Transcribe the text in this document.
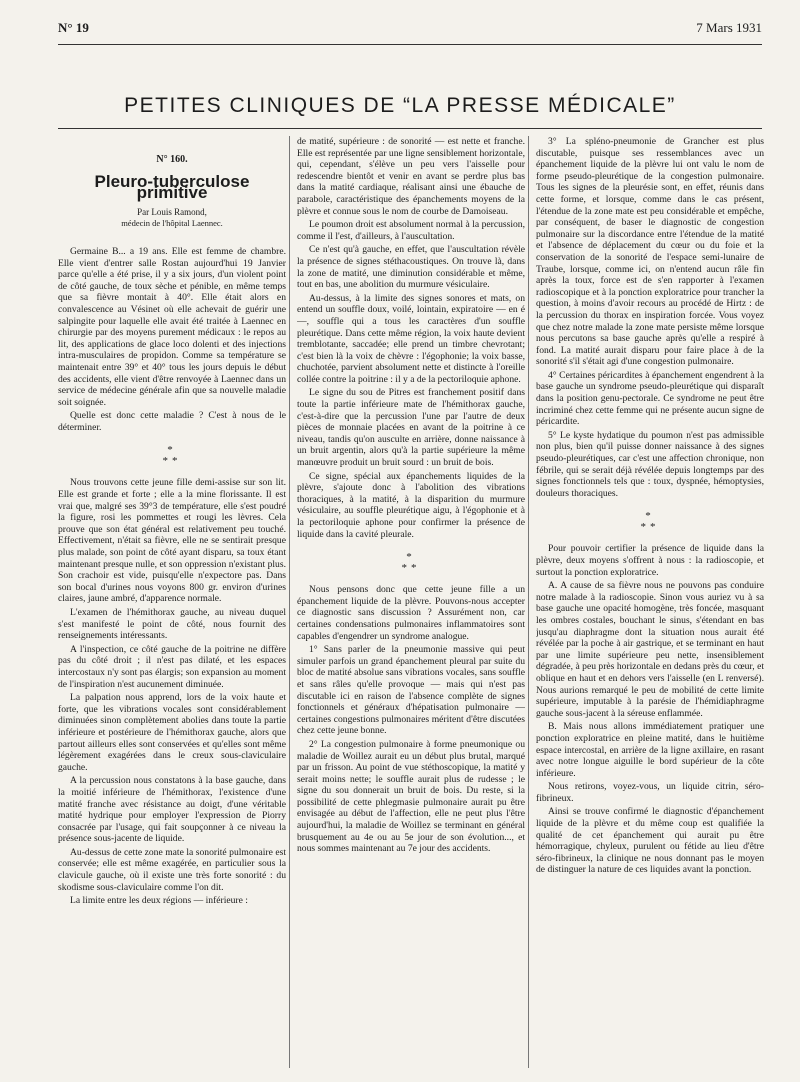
N° 19	7 Mars 1931
PETITES CLINIQUES DE “LA PRESSE MÉDICALE”

N° 160.

Pleuro-tuberculose primitive

Par Louis Ramond,

médecin de l'hôpital Laennec.

Germaine B... a 19 ans. Elle est femme de chambre. Elle vient d'entrer salle Rostan aujourd'hui 19 Janvier parce qu'elle a été prise, il y a six jours, d'un violent point de côté gauche, de toux sèche et pénible, en même temps que sa fièvre montait à 40°. Elle était alors en convalescence au Vésinet où elle achevait de guérir une salpingite pour laquelle elle avait été traitée à Laennec en chirurgie par des moyens purement médicaux : le repos au lit, des applications de glace loco dolenti et des injections intra-musculaires de propidon. Comme sa température se maintenait entre 39° et 40° tous les jours depuis le début des accidents, elle vient d'être renvoyée à Laennec dans un service de médecine générale afin que sa nouvelle maladie soit soignée.

Quelle est donc cette maladie ? C'est à nous de le déterminer.

*
**

Nous trouvons cette jeune fille demi-assise sur son lit. Elle est grande et forte ; elle a la mine florissante. Il est vrai que, malgré ses 39°3 de température, elle s'est poudré la figure, rosi les pommettes et rougi les lèvres. Cela prouve que son état général est relativement peu touché. Effectivement, n'était sa fièvre, elle ne se sentirait presque plus malade, son point de côté ayant disparu, sa toux étant maintenant presque nulle, et son oppression n'existant plus. Son crachoir est vide, puisqu'elle n'expectore pas. Dans son bocal d'urines nous voyons 800 gr. environ d'urines claires, jaune ambré, d'apparence normale.

L'examen de l'hémithorax gauche, au niveau duquel s'est manifesté le point de côté, nous fournit des renseignements intéressants.

A l'inspection, ce côté gauche de la poitrine ne diffère pas du côté droit ; il n'est pas dilaté, et les espaces intercostaux n'y sont pas élargis; son expansion au moment de l'inspiration n'est aucunement diminuée.

La palpation nous apprend, lors de la voix haute et forte, que les vibrations vocales sont considérablement diminuées sinon complètement abolies dans toute la partie inférieure et postérieure de l'hémithorax gauche, alors que partout ailleurs elles sont conservées et qu'elles sont même légèrement exagérées dans le creux sous-claviculaire gauche.

A la percussion nous constatons à la base gauche, dans la moitié inférieure de l'hémithorax, l'existence d'une matité franche avec résistance au doigt, d'une véritable matité hydrique pour employer l'expression de Piorry consacrée par l'usage, qui fait soupçonner à ce niveau la présence sous-jacente de liquide.

Au-dessus de cette zone mate la sonorité pulmonaire est conservée; elle est même exagérée, en particulier sous la clavicule gauche, où il existe une très forte sonorité : du skodisme sous-claviculaire comme l'on dit.

La limite entre les deux régions — inférieure :

de matité, supérieure : de sonorité — est nette et franche. Elle est représentée par une ligne sensiblement horizontale, qui, cependant, s'élève un peu vers l'aisselle pour redescendre bientôt et venir en avant se perdre plus bas dans la matité cardiaque, réalisant ainsi une ébauche de parabole, caractéristique des épanchements moyens de la plèvre et connue sous le nom de courbe de Damoiseau.

Le poumon droit est absolument normal à la percussion, comme il l'est, d'ailleurs, à l'auscultation.

Ce n'est qu'à gauche, en effet, que l'auscultation révèle la présence de signes stéthacoustiques. On trouve là, dans la zone de matité, une diminution considérable et même, tout en bas, une abolition du murmure vésiculaire.

Au-dessus, à la limite des signes sonores et mats, on entend un souffle doux, voilé, lointain, expiratoire — en é —, souffle qui a tous les caractères d'un souffle pleurétique. Dans cette même région, la voix haute devient tremblotante, saccadée; elle prend un timbre chevrotant; c'est bien là la voix de chèvre : l'égophonie; la voix basse, chuchotée, parvient absolument nette et distincte à l'oreille collée contre la poitrine : il y a de la pectoriloquie aphone.

Le signe du sou de Pitres est franchement positif dans toute la partie inférieure mate de l'hémithorax gauche, c'est-à-dire que la percussion l'une par l'autre de deux pièces de monnaie placées en avant de la poitrine à ce niveau, tandis qu'on ausculte en arrière, donne naissance à un bruit argentin, alors qu'à la partie supérieure la même manœuvre produit un bruit sourd : un bruit de bois.

Ce signe, spécial aux épanchements liquides de la plèvre, s'ajoute donc à l'abolition des vibrations thoraciques, à la matité, à la disparition du murmure vésiculaire, au souffle pleurétique aigu, à l'égophonie et à la pectoriloquie aphone pour confirmer la présence de liquide dans la cavité pleurale.

*
**

Nous pensons donc que cette jeune fille a un épanchement liquide de la plèvre. Pouvons-nous accepter ce diagnostic sans discussion ? Assurément non, car certaines condensations pulmonaires inflammatoires sont capables d'engendrer un syndrome analogue.

1° Sans parler de la pneumonie massive qui peut simuler parfois un grand épanchement pleural par suite du bloc de matité absolue sans vibrations vocales, sans souffle et sans râles qu'elle provoque — mais qui n'est pas discutable ici en raison de l'absence complète de signes fonctionnels et généraux d'hépatisation pulmonaire — certaines congestions pulmonaires méritent d'être discutées chez cette jeune bonne.

2° La congestion pulmonaire à forme pneumonique ou maladie de Woillez aurait eu un début plus brutal, marqué par un frisson. Au point de vue stéthoscopique, la matité y serait moins nette; le souffle aurait plus de rudesse ; le signe du sou donnerait un bruit de bois. Du reste, si la possibilité de cette phlegmasie pulmonaire aurait pu être envisagée au début de l'affection, elle ne peut plus l'être aujourd'hui, la maladie de Woillez se terminant en général brusquement au 4e ou au 5e jour de son évolution..., et nous sommes maintenant au 7e jour des accidents.

3° La spléno-pneumonie de Grancher est plus discutable, puisque ses ressemblances avec un épanchement liquide de la plèvre lui ont valu le nom de forme pseudo-pleurétique de la congestion pulmonaire. Tous les signes de la pleurésie sont, en effet, réunis dans cette forme, et lorsque, comme dans le cas présent, l'étendue de la zone mate est peu considérable et empêche, par conséquent, de baser le diagnostic de congestion pulmonaire sur la discordance entre l'étendue de la matité et l'absence de déplacement du cœur ou du foie et la conservation de la sonorité de l'espace semi-lunaire de Traube, lorsque, comme ici, on n'entend aucun râle fin après la toux, force est de s'en rapporter à l'examen radioscopique et à la ponction exploratrice pour trancher la question, à moins d'avoir recours au procédé de Hirtz : de la percussion du thorax en inspiration forcée. Vous voyez que chez notre malade la zone mate persiste même lorsque nous percutons sa base gauche après qu'elle a respiré à fond. La matité aurait disparu pour faire place à de la sonorité s'il s'était agi d'une congestion pulmonaire.

4° Certaines péricardites à épanchement engendrent à la base gauche un syndrome pseudo-pleurétique qui disparaît dans la position genu-pectorale. Ce syndrome ne peut être incriminé chez cette femme qui ne présente aucun signe de péricardite.

5° Le kyste hydatique du poumon n'est pas admissible non plus, bien qu'il puisse donner naissance à des signes pseudo-pleurétiques, car c'est une affection chronique, non fébrile, qui se serait déjà révélée depuis longtemps par des signes fonctionnels tels que : toux, dyspnée, hémoptysies, douleurs thoraciques.

*
**

Pour pouvoir certifier la présence de liquide dans la plèvre, deux moyens s'offrent à nous : la radioscopie, et surtout la ponction exploratrice.

A. A cause de sa fièvre nous ne pouvons pas conduire notre malade à la radioscopie. Sinon vous auriez vu à sa base gauche une opacité homogène, très foncée, masquant les ombres costales, bouchant le sinus, s'étendant en bas jusqu'au diaphragme dont la situation nous aurait été révélée par la poche à air gastrique, et se terminant en haut par une limite supérieure peu nette, insensiblement dégradée, à peu près horizontale en dedans près du cœur, et oblique en haut et en dehors vers l'aisselle (en L renversé). Nous aurions remarqué le peu de mobilité de cette limite supérieure, imputable à la parésie de l'hémidiaphragme gauche sous-jacent à la séreuse enflammée.

B. Mais nous allons immédiatement pratiquer une ponction exploratrice en pleine matité, dans le huitième espace intercostal, en arrière de la ligne axillaire, en rasant avec notre longue aiguille le bord supérieur de la côte inférieure.

Nous retirons, voyez-vous, un liquide citrin, séro-fibrineux.

Ainsi se trouve confirmé le diagnostic d'épanchement liquide de la plèvre et du même coup est qualifiée la qualité de cet épanchement qui aurait pu être hémorragique, chyleux, purulent ou fétide au lieu d'être séro-fibrineux, la clinique ne nous donnant pas le moyen de distinguer la nature de ces liquides avant la ponction.
